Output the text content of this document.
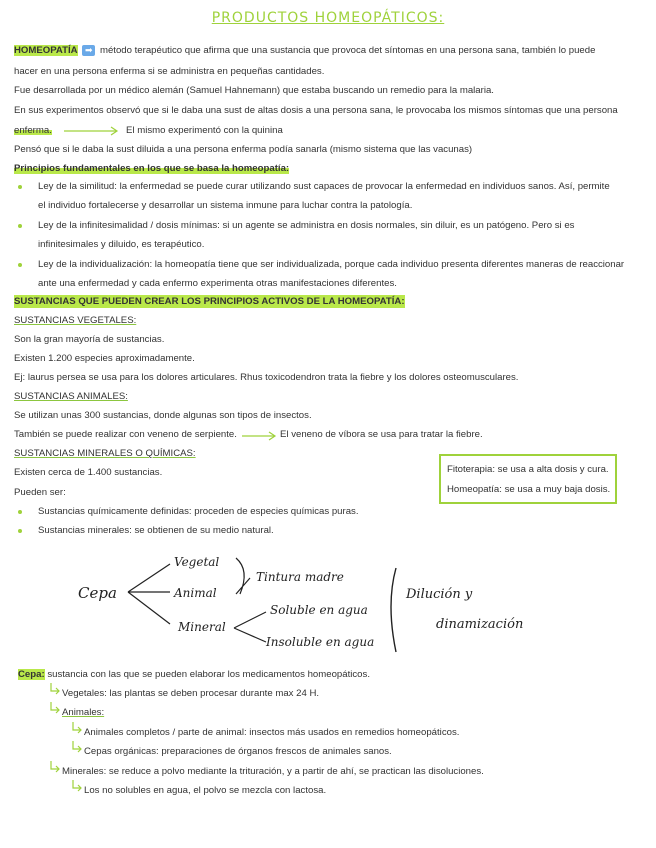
PRODUCTOS HOMEOPÁTICOS:
HOMEOPATÍA ➡ método terapéutico que afirma que una sustancia que provoca det síntomas en una persona sana, también lo puede
hacer en una persona enferma si se administra en pequeñas cantidades.
Fue desarrollada por un médico alemán (Samuel Hahnemann) que estaba buscando un remedio para la malaria.
En sus experimentos observó que si le daba una sust de altas dosis a una persona sana, le provocaba los mismos síntomas que una persona
enferma.	El mismo experimentó con la quinina
Pensó que si le daba la sust diluida a una persona enferma podía sanarla (mismo sistema que las vacunas)
Principios fundamentales en los que se basa la homeopatía:
Ley de la similitud: la enfermedad se puede curar utilizando sust capaces de provocar la enfermedad en individuos sanos. Así, permite
el individuo fortalecerse y desarrollar un sistema inmune para luchar contra la patología.
Ley de la infinitesimalidad / dosis mínimas: si un agente se administra en dosis normales, sin diluir, es un patógeno. Pero si es
infinitesimales y diluido, es terapéutico.
Ley de la individualización: la homeopatía tiene que ser individualizada, porque cada individuo presenta diferentes maneras de reaccionar
ante una enfermedad y cada enfermo experimenta otras manifestaciones diferentes.
SUSTANCIAS QUE PUEDEN CREAR LOS PRINCIPIOS ACTIVOS DE LA HOMEOPATÍA:
SUSTANCIAS VEGETALES:
Son la gran mayoría de sustancias.
Existen 1.200 especies aproximadamente.
Ej: laurus persea se usa para los dolores articulares. Rhus toxicodendron trata la fiebre y los dolores osteomusculares.
SUSTANCIAS ANIMALES:
Se utilizan unas 300 sustancias, donde algunas son tipos de insectos.
También se puede realizar con veneno de serpiente.	El veneno de víbora se usa para tratar la fiebre.
SUSTANCIAS MINERALES O QUÍMICAS:
Existen cerca de 1.400 sustancias.
Pueden ser:
Sustancias químicamente definidas: proceden de especies químicas puras.
Sustancias minerales: se obtienen de su medio natural.
Fitoterapia: se usa a alta dosis y cura.
Homeopatía: se usa a muy baja dosis.
Cepa
Vegetal
Animal
Mineral
Tintura madre
Soluble en agua
Insoluble en agua
Dilución y
dinamización
Cepa: sustancia con las que se pueden elaborar los medicamentos homeopáticos.
Vegetales: las plantas se deben procesar durante max 24 H.
Animales:
Animales completos / parte de animal: insectos más usados en remedios homeopáticos.
Cepas orgánicas: preparaciones de órganos frescos de animales sanos.
Minerales: se reduce a polvo mediante la trituración, y a partir de ahí, se practican las disoluciones.
Los no solubles en agua, el polvo se mezcla con lactosa.
